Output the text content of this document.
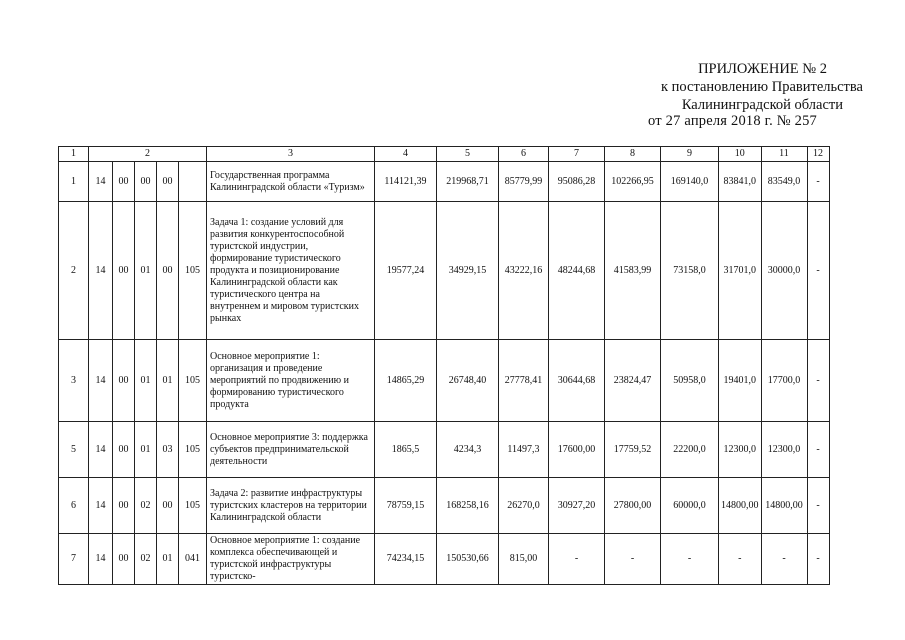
ПРИЛОЖЕНИЕ № 2
к постановлению Правительства
Калининградской области
от 27 апреля 2018 г. № 257
1	2					3	4	5	6	7	8	9	10	11	12
1	14	00	00	00		Государственная программа Калининградской области «Туризм»	114121,39	219968,71	85779,99	95086,28	102266,95	169140,0	83841,0	83549,0	-
2	14	00	01	00	105	Задача 1: создание условий для развития конкурентоспособной туристской индустрии, формирование туристического продукта и позиционирование Калининградской области как туристического центра на внутреннем и мировом туристских рынках	19577,24	34929,15	43222,16	48244,68	41583,99	73158,0	31701,0	30000,0	-
3	14	00	01	01	105	Основное мероприятие 1: организация и проведение мероприятий по продвижению и формированию туристического продукта	14865,29	26748,40	27778,41	30644,68	23824,47	50958,0	19401,0	17700,0	-
5	14	00	01	03	105	Основное мероприятие 3: поддержка субъектов предпринимательской деятельности	1865,5	4234,3	11497,3	17600,00	17759,52	22200,0	12300,0	12300,0	-
6	14	00	02	00	105	Задача 2: развитие инфраструктуры туристских кластеров на территории Калининградской области	78759,15	168258,16	26270,0	30927,20	27800,00	60000,0	14800,00	14800,00	-
7	14	00	02	01	041	Основное мероприятие 1: создание комплекса обеспечивающей и туристской инфраструктуры туристско-	74234,15	150530,66	815,00	-	-	-	-	-	-
